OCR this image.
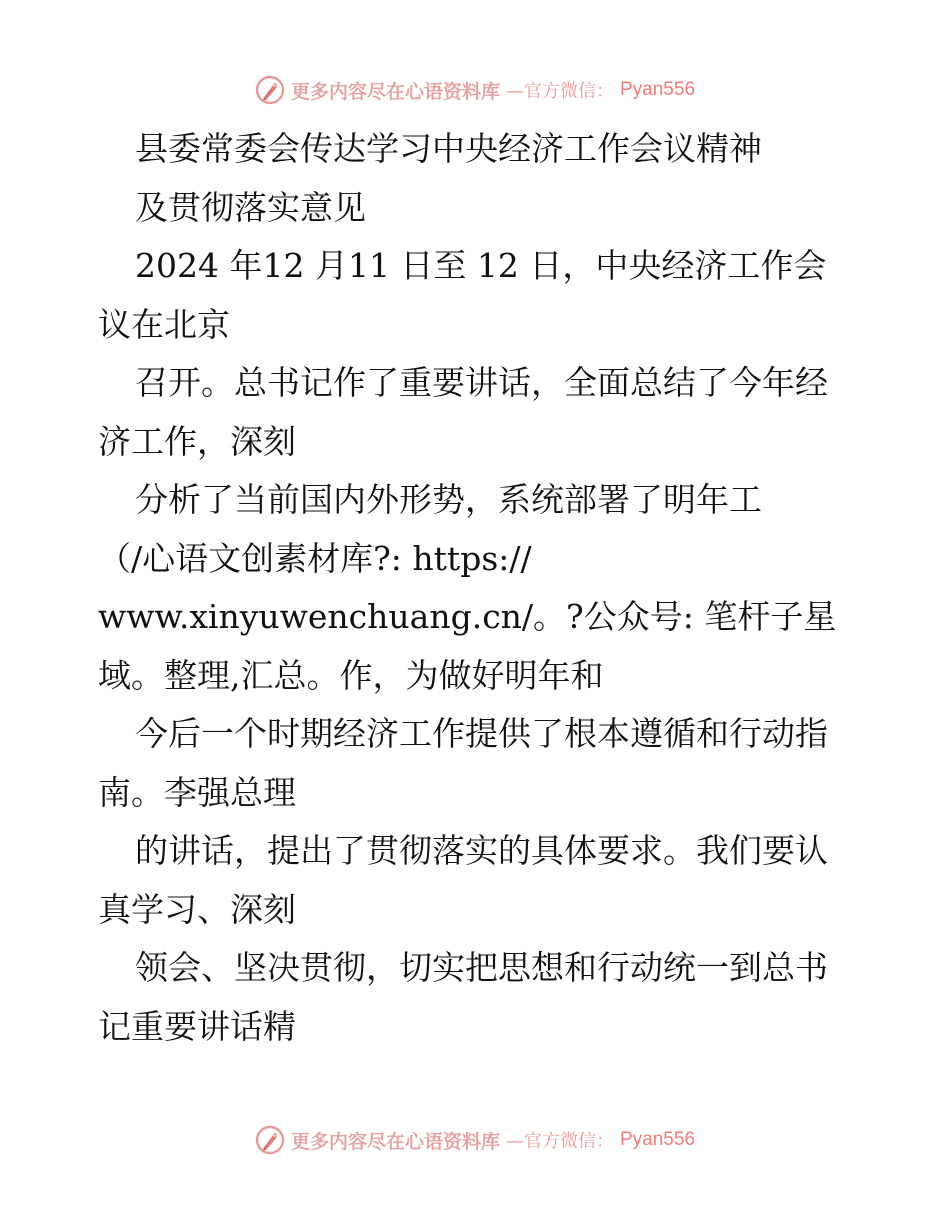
更多内容尽在心语资料库 —官方微信： Pyan556
县委常委会传达学习中央经济工作会议精神
及贯彻落实意见
2024 年12 月11 日至 12 日，中央经济工作会
议在北京
召开。总书记作了重要讲话，全面总结了今年经
济工作，深刻
分析了当前国内外形势，系统部署了明年工
（/心语文创素材库?: https://
www.xinyuwenchuang.cn/。?公众号: 笔杆子星
域。整理,汇总。作，为做好明年和
今后一个时期经济工作提供了根本遵循和行动指
南。李强总理
的讲话，提出了贯彻落实的具体要求。我们要认
真学习、深刻
领会、坚决贯彻，切实把思想和行动统一到总书
记重要讲话精
更多内容尽在心语资料库 —官方微信： Pyan556
